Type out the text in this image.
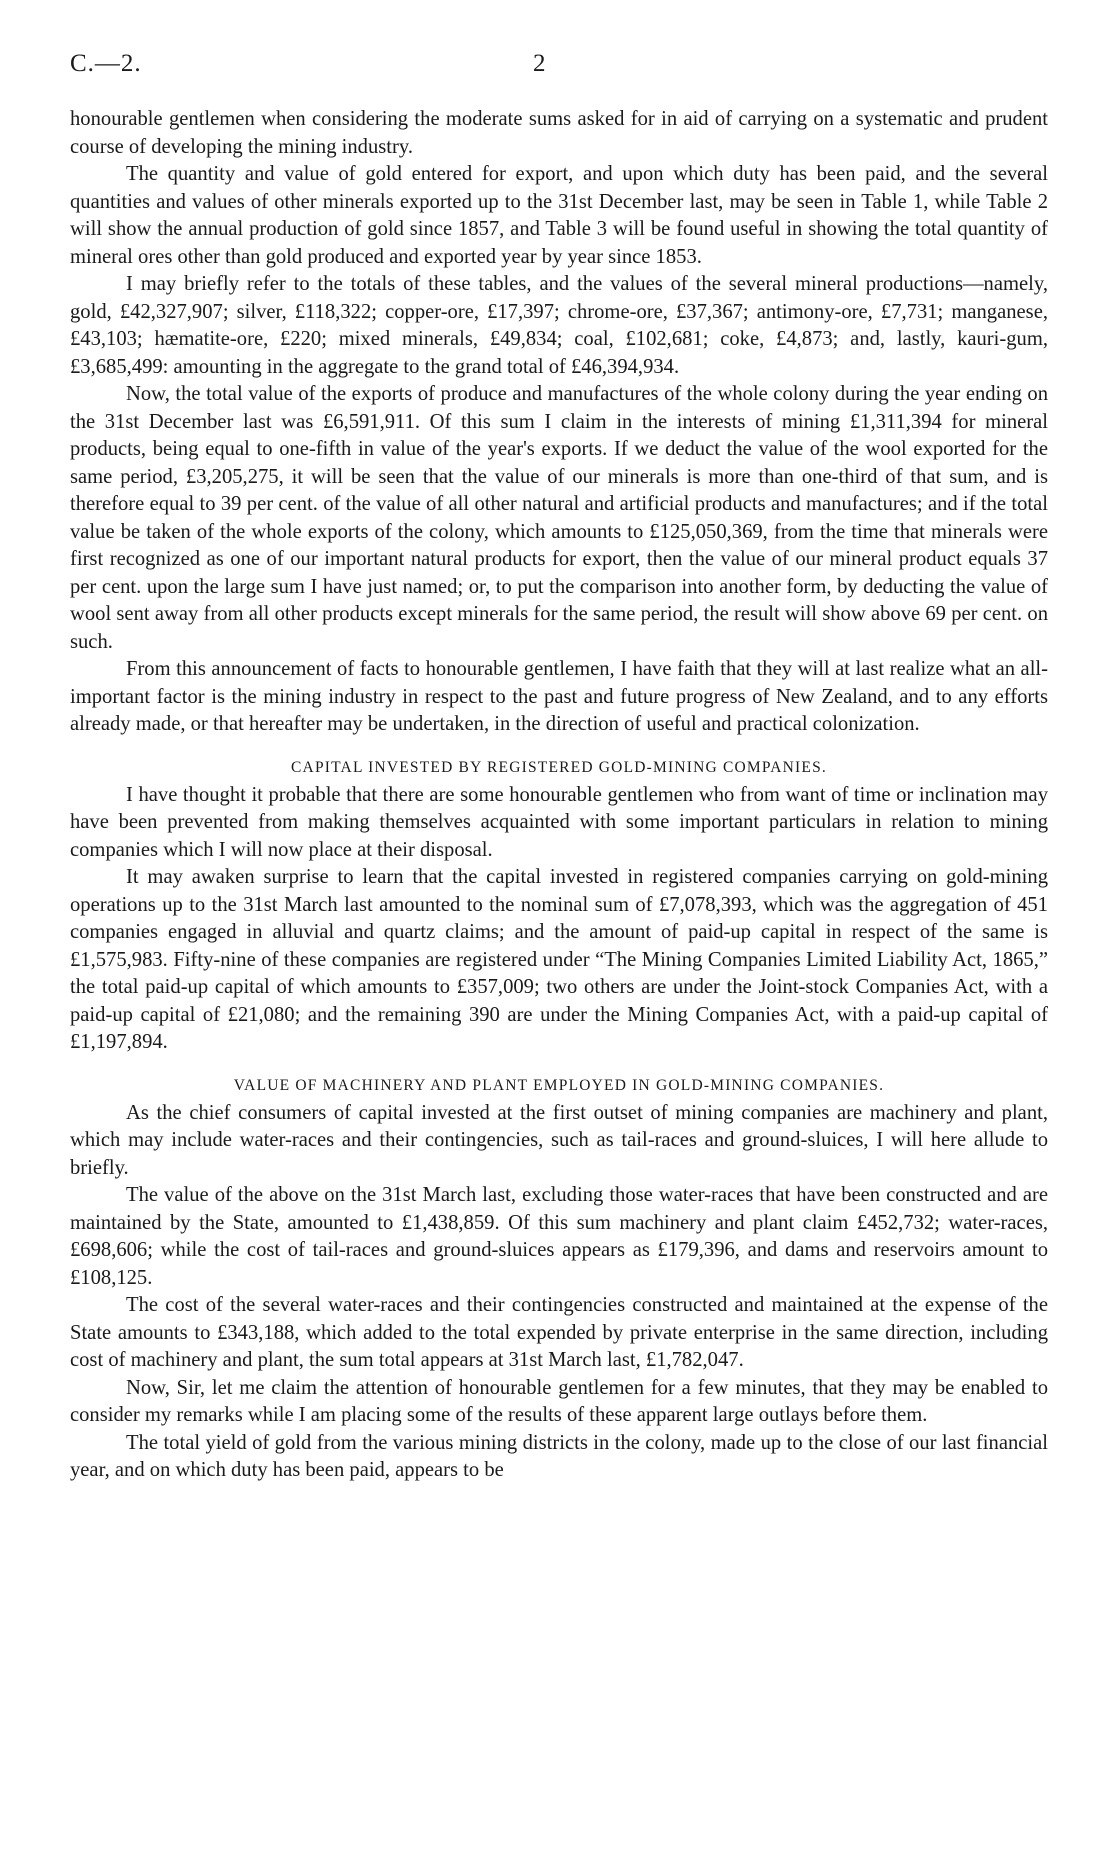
C.—2.	2

honourable gentlemen when considering the moderate sums asked for in aid of carrying on a systematic and prudent course of developing the mining industry.

The quantity and value of gold entered for export, and upon which duty has been paid, and the several quantities and values of other minerals exported up to the 31st December last, may be seen in Table 1, while Table 2 will show the annual production of gold since 1857, and Table 3 will be found useful in showing the total quantity of mineral ores other than gold produced and exported year by year since 1853.

I may briefly refer to the totals of these tables, and the values of the several mineral productions—namely, gold, £42,327,907; silver, £118,322; copper-ore, £17,397; chrome-ore, £37,367; antimony-ore, £7,731; manganese, £43,103; hæmatite-ore, £220; mixed minerals, £49,834; coal, £102,681; coke, £4,873; and, lastly, kauri-gum, £3,685,499: amounting in the aggregate to the grand total of £46,394,934.

Now, the total value of the exports of produce and manufactures of the whole colony during the year ending on the 31st December last was £6,591,911. Of this sum I claim in the interests of mining £1,311,394 for mineral products, being equal to one-fifth in value of the year's exports. If we deduct the value of the wool exported for the same period, £3,205,275, it will be seen that the value of our minerals is more than one-third of that sum, and is therefore equal to 39 per cent. of the value of all other natural and artificial products and manufactures; and if the total value be taken of the whole exports of the colony, which amounts to £125,050,369, from the time that minerals were first recognized as one of our important natural products for export, then the value of our mineral product equals 37 per cent. upon the large sum I have just named; or, to put the comparison into another form, by deducting the value of wool sent away from all other products except minerals for the same period, the result will show above 69 per cent. on such.

From this announcement of facts to honourable gentlemen, I have faith that they will at last realize what an all-important factor is the mining industry in respect to the past and future progress of New Zealand, and to any efforts already made, or that hereafter may be undertaken, in the direction of useful and practical colonization.

CAPITAL INVESTED BY REGISTERED GOLD-MINING COMPANIES.

I have thought it probable that there are some honourable gentlemen who from want of time or inclination may have been prevented from making themselves acquainted with some important particulars in relation to mining companies which I will now place at their disposal.

It may awaken surprise to learn that the capital invested in registered companies carrying on gold-mining operations up to the 31st March last amounted to the nominal sum of £7,078,393, which was the aggregation of 451 companies engaged in alluvial and quartz claims; and the amount of paid-up capital in respect of the same is £1,575,983. Fifty-nine of these companies are registered under “The Mining Companies Limited Liability Act, 1865,” the total paid-up capital of which amounts to £357,009; two others are under the Joint-stock Companies Act, with a paid-up capital of £21,080; and the remaining 390 are under the Mining Companies Act, with a paid-up capital of £1,197,894.

VALUE OF MACHINERY AND PLANT EMPLOYED IN GOLD-MINING COMPANIES.

As the chief consumers of capital invested at the first outset of mining companies are machinery and plant, which may include water-races and their contingencies, such as tail-races and ground-sluices, I will here allude to briefly.

The value of the above on the 31st March last, excluding those water-races that have been constructed and are maintained by the State, amounted to £1,438,859. Of this sum machinery and plant claim £452,732; water-races, £698,606; while the cost of tail-races and ground-sluices appears as £179,396, and dams and reservoirs amount to £108,125.

The cost of the several water-races and their contingencies constructed and maintained at the expense of the State amounts to £343,188, which added to the total expended by private enterprise in the same direction, including cost of machinery and plant, the sum total appears at 31st March last, £1,782,047.

Now, Sir, let me claim the attention of honourable gentlemen for a few minutes, that they may be enabled to consider my remarks while I am placing some of the results of these apparent large outlays before them.

The total yield of gold from the various mining districts in the colony, made up to the close of our last financial year, and on which duty has been paid, appears to be
